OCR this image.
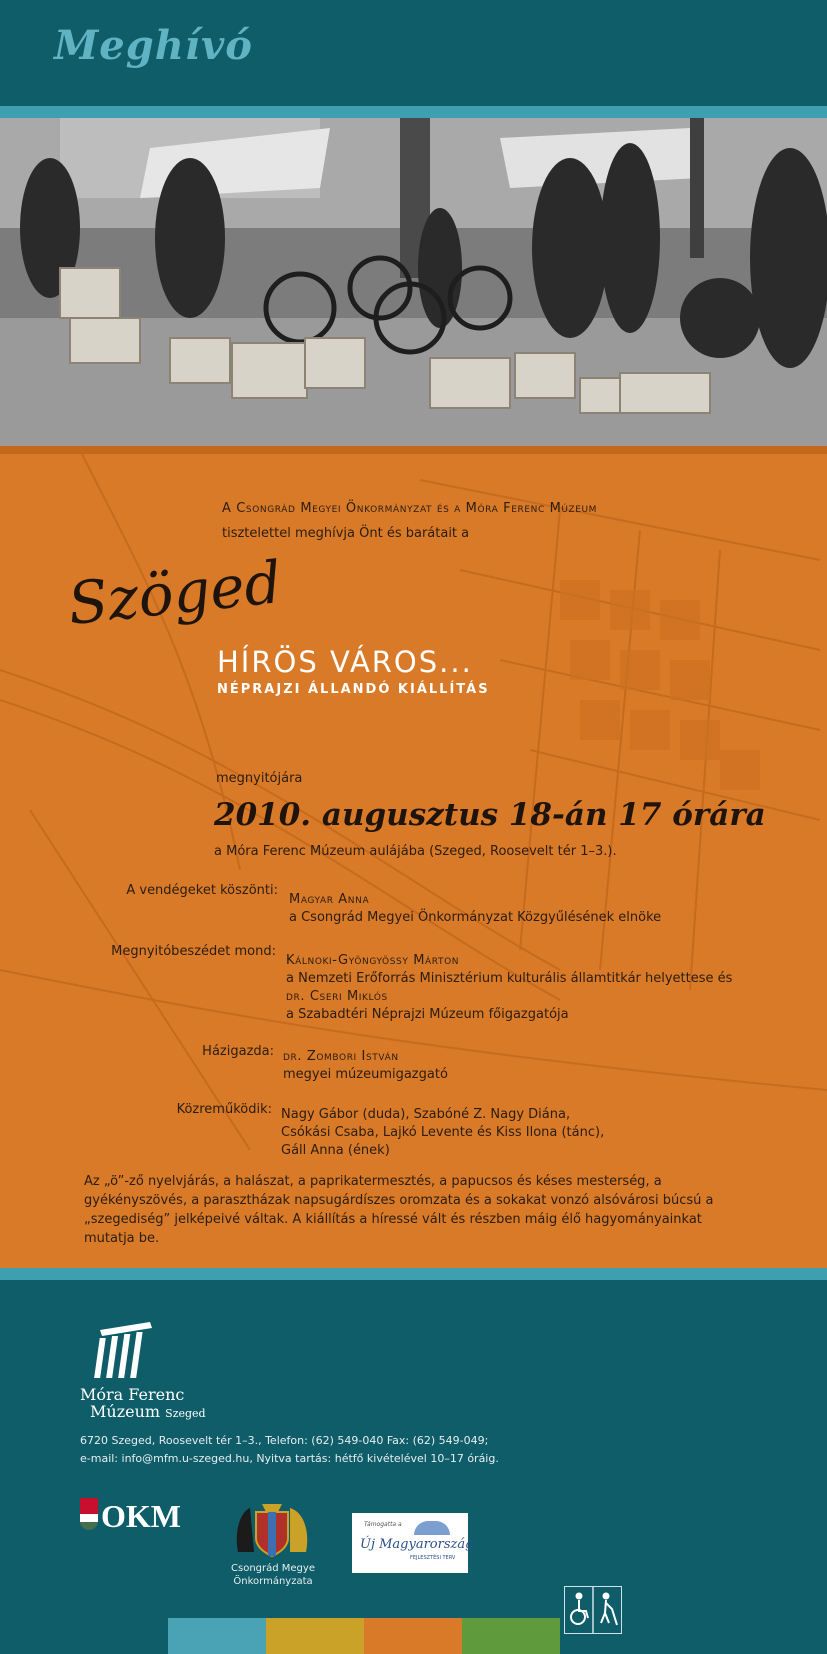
Meghívó
A Csongrád Megyei Önkormányzat és a Móra Ferenc Múzeum
tisztelettel meghívja Önt és barátait a
Szöged
HÍRÖS VÁROS...
NÉPRAJZI ÁLLANDÓ KIÁLLÍTÁS
megnyitójára
2010. augusztus 18-án 17 órára
a Móra Ferenc Múzeum aulájába (Szeged, Roosevelt tér 1–3.).
A vendégeket köszönti:
Magyar Anna
a Csongrád Megyei Önkormányzat Közgyűlésének elnöke
Megnyitóbeszédet mond:
Kálnoki-Gyöngyössy Márton
a Nemzeti Erőforrás Minisztérium kulturális államtitkár helyettese és
dr. Cseri Miklós
a Szabadtéri Néprajzi Múzeum főigazgatója
Házigazda: dr. Zombori István
megyei múzeumigazgató
Közreműködik: Nagy Gábor (duda), Szabóné Z. Nagy Diána,
Csókási Csaba, Lajkó Levente és Kiss Ilona (tánc),
Gáll Anna (ének)
Az „ö”-ző nyelvjárás, a halászat, a paprikatermesztés, a papucsos és késes mesterség, a gyékényszövés, a parasztházak napsugárdíszes oromzata és a sokakat vonzó alsóvárosi búcsú a „szegediség” jelképeivé váltak. A kiállítás a híressé vált és részben máig élő hagyományainkat mutatja be.
Móra Ferenc
Múzeum Szeged
6720 Szeged, Roosevelt tér 1–3., Telefon: (62) 549-040 Fax: (62) 549-049;
e-mail: info@mfm.u-szeged.hu, Nyitva tartás: hétfő kivételével 10–17 óráig.
OKM
Csongrád Megye
Önkormányzata
Támogatta a
Új Magyarország
FEJLESZTÉSI TERV
